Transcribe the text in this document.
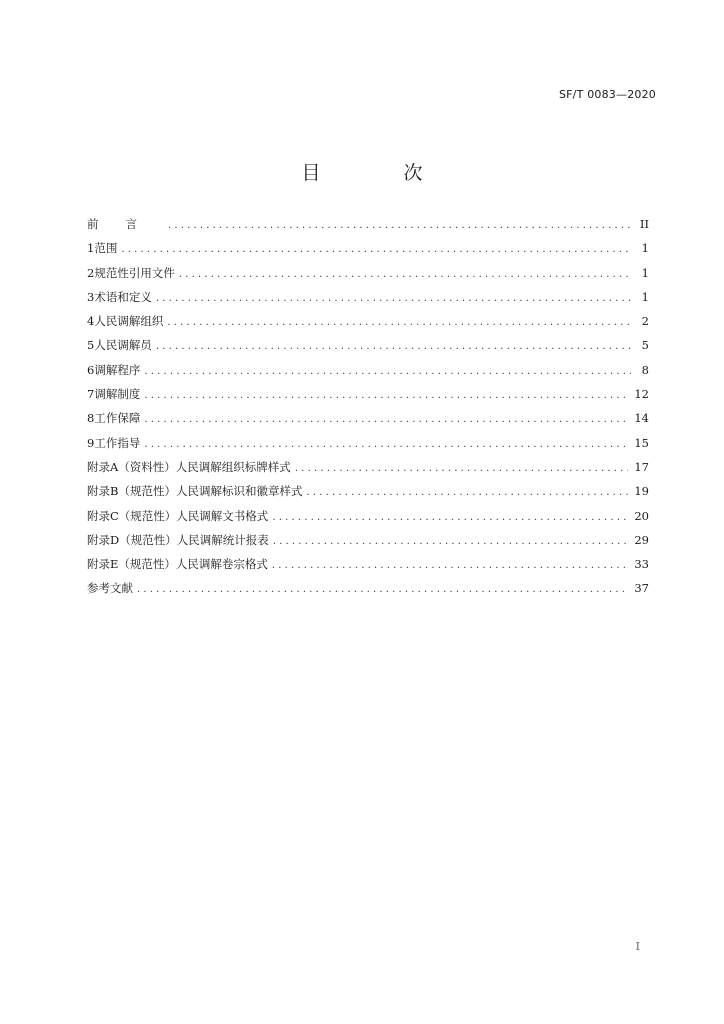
SF/T 0083—2020
目　次
前言 .....	II
1 范围 .....	1
2 规范性引用文件 .....	1
3 术语和定义 .....	1
4 人民调解组织 .....	2
5 人民调解员 .....	5
6 调解程序 .....	8
7 调解制度 .....	12
8 工作保障 .....	14
9 工作指导 .....	15
附录A（资料性）人民调解组织标牌样式 .....	17
附录B（规范性）人民调解标识和徽章样式 .....	19
附录C（规范性）人民调解文书格式 .....	20
附录D（规范性）人民调解统计报表 .....	29
附录E（规范性）人民调解卷宗格式 .....	33
参考文献 .....	37
I
